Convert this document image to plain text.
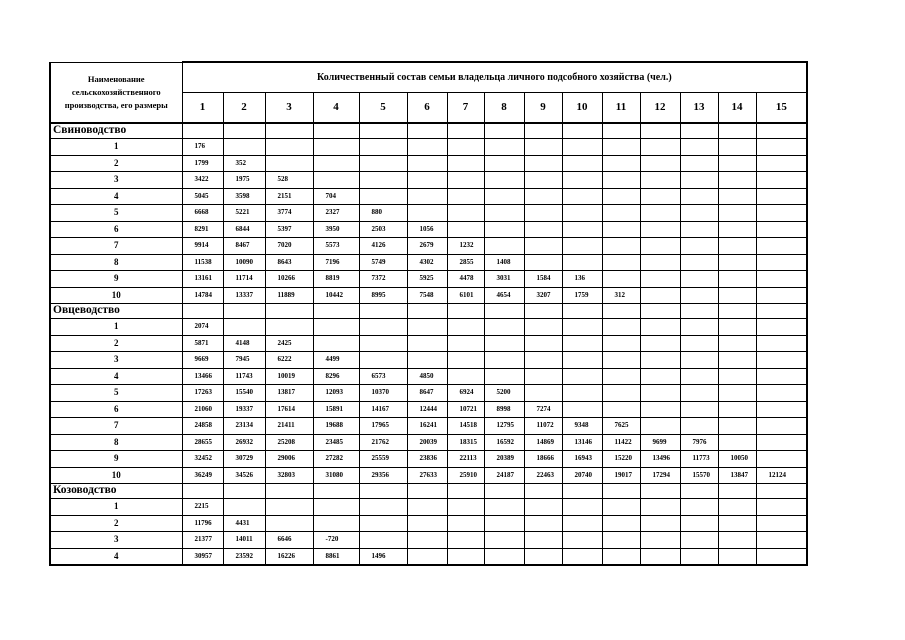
Наименование сельскохозяйственного производства, его размеры	Количественный состав семьи владельца личного подсобного хозяйства (чел.)														
	1	2	3	4	5	6	7	8	9	10	11	12	13	14	15
Свиноводство															
1	176														
2	1799	352													
3	3422	1975	528												
4	5045	3598	2151	704											
5	6668	5221	3774	2327	880										
6	8291	6844	5397	3950	2503	1056									
7	9914	8467	7020	5573	4126	2679	1232								
8	11538	10090	8643	7196	5749	4302	2855	1408							
9	13161	11714	10266	8819	7372	5925	4478	3031	1584	136					
10	14784	13337	11889	10442	8995	7548	6101	4654	3207	1759	312				
Овцеводство															
1	2074														
2	5871	4148	2425												
3	9669	7945	6222	4499											
4	13466	11743	10019	8296	6573	4850									
5	17263	15540	13817	12093	10370	8647	6924	5200							
6	21060	19337	17614	15891	14167	12444	10721	8998	7274						
7	24858	23134	21411	19688	17965	16241	14518	12795	11072	9348	7625				
8	28655	26932	25208	23485	21762	20039	18315	16592	14869	13146	11422	9699	7976		
9	32452	30729	29006	27282	25559	23836	22113	20389	18666	16943	15220	13496	11773	10050	
10	36249	34526	32803	31080	29356	27633	25910	24187	22463	20740	19017	17294	15570	13847	12124
Козоводство															
1	2215														
2	11796	4431													
3	21377	14011	6646	-720											
4	30957	23592	16226	8861	1496										
